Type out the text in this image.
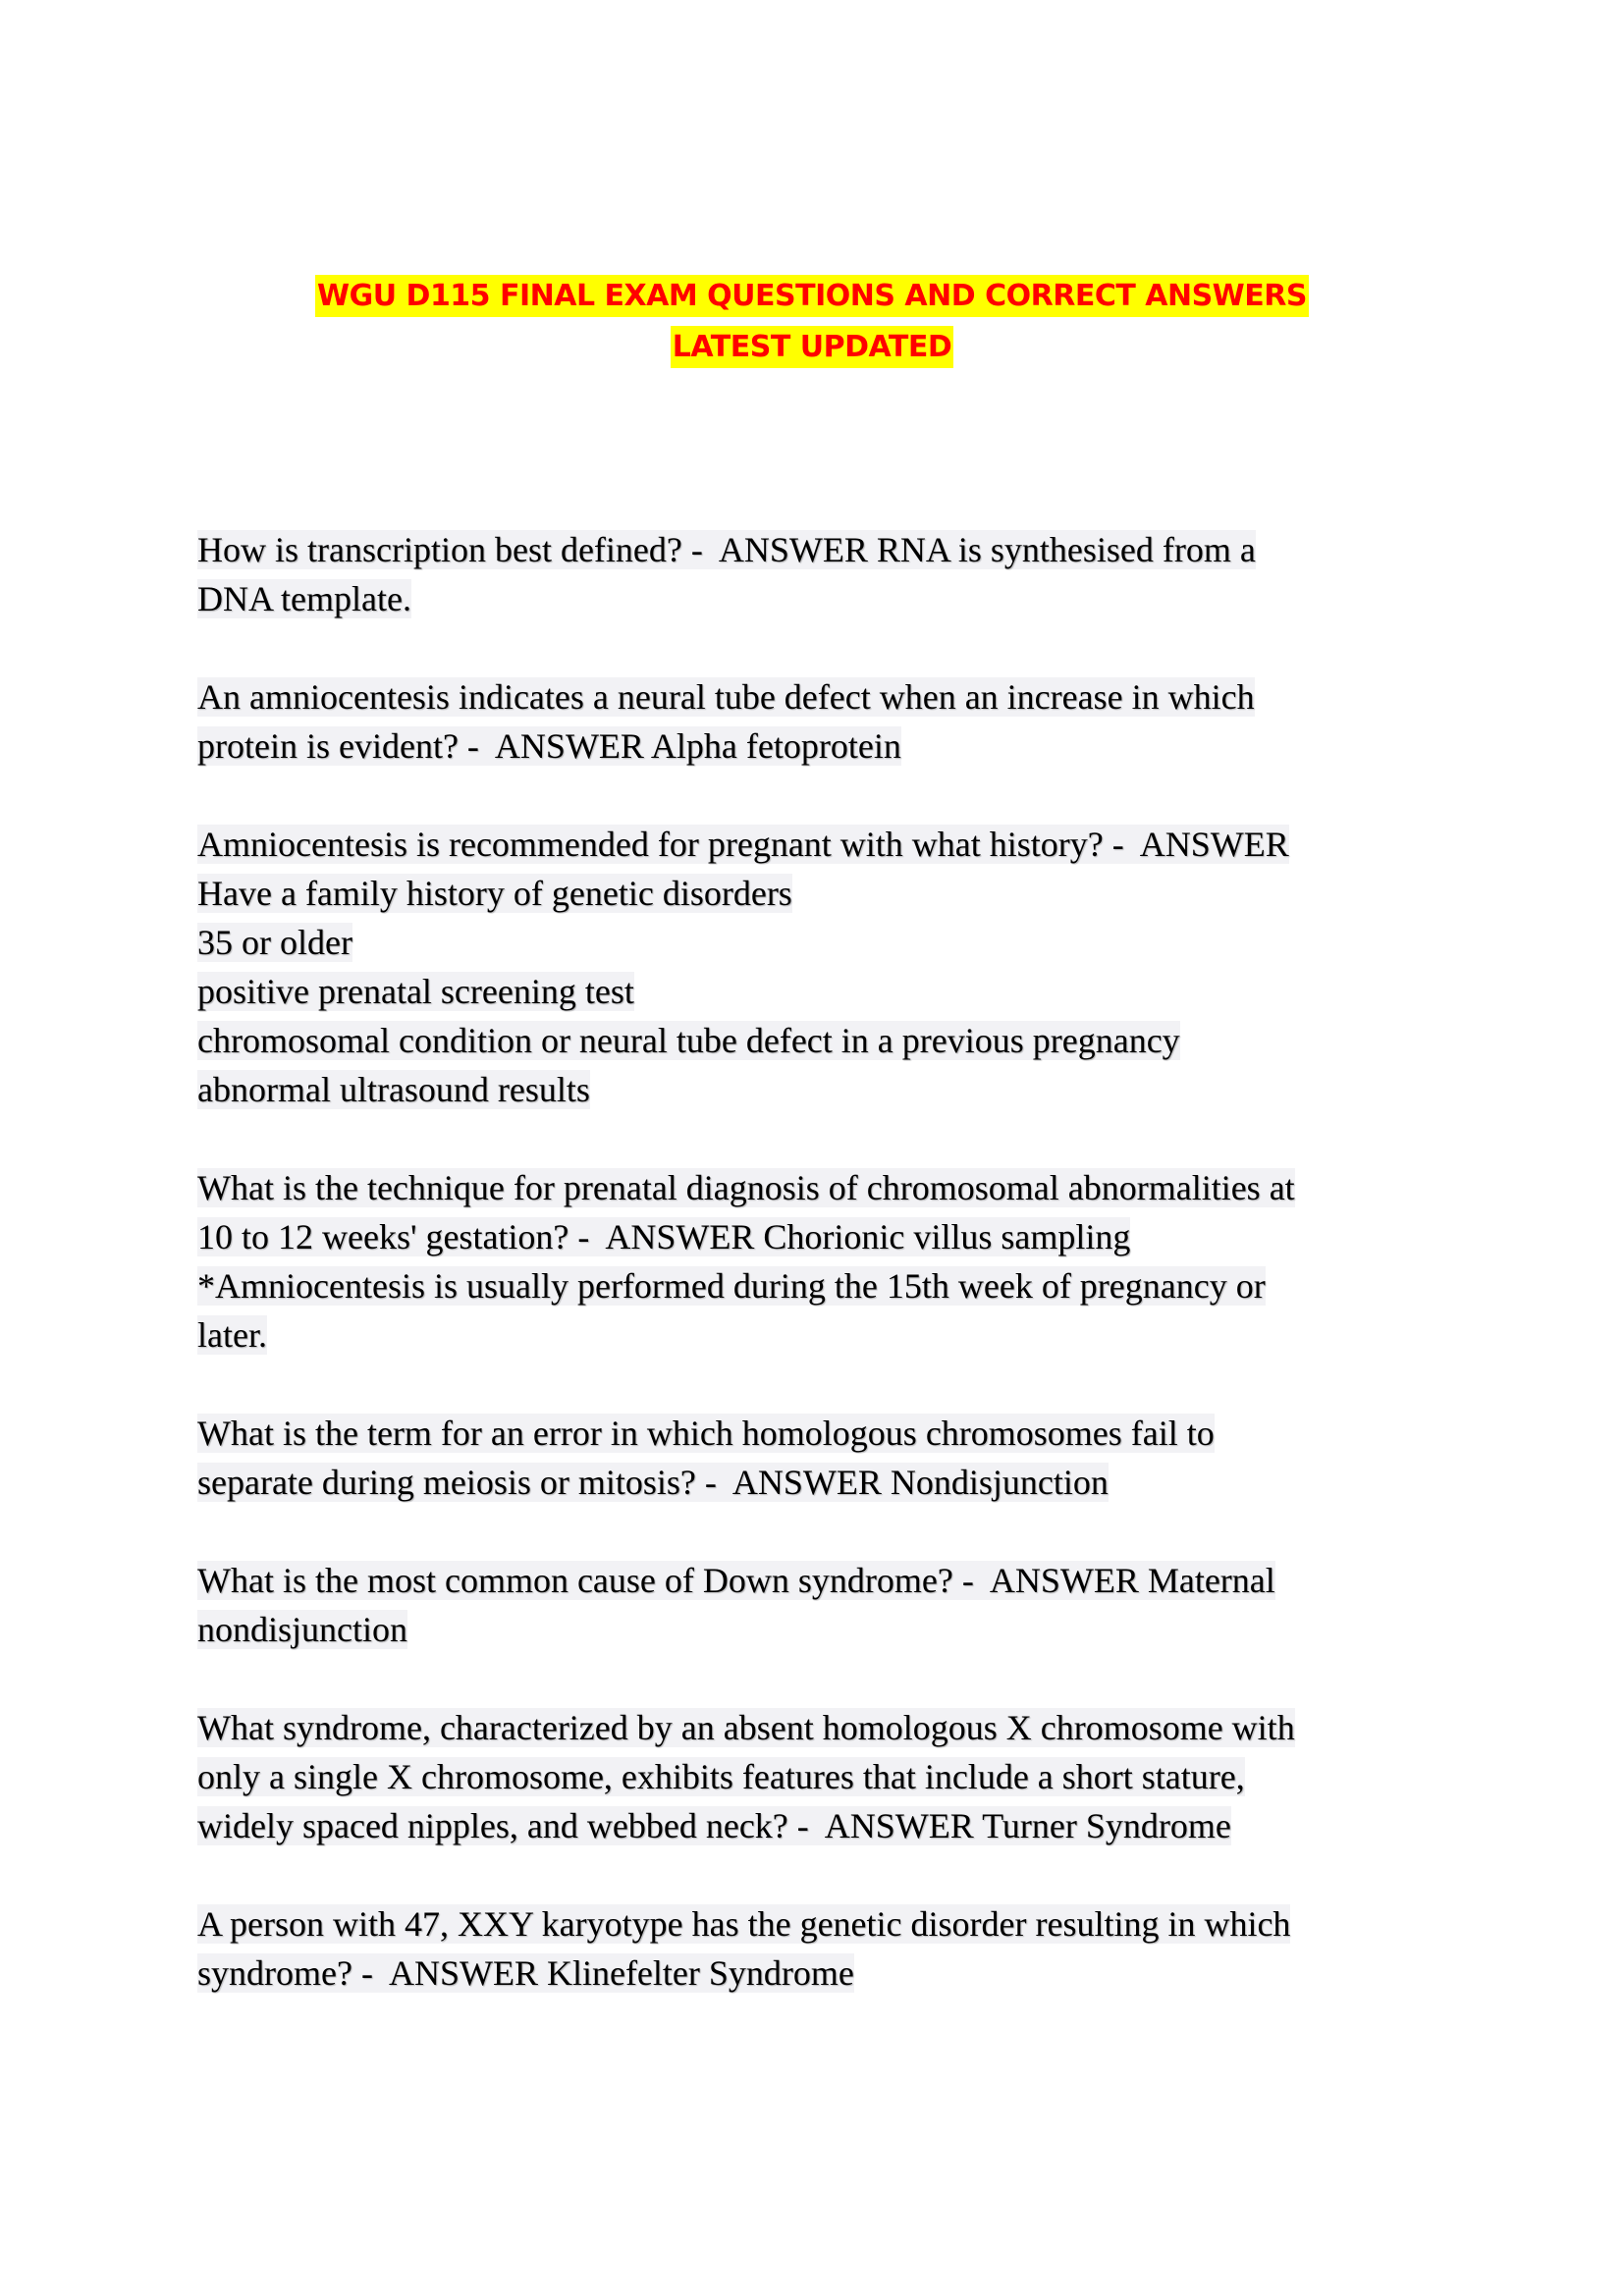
WGU D115 FINAL EXAM QUESTIONS AND CORRECT ANSWERS
LATEST UPDATED
How is transcription best defined? -  ANSWER RNA is synthesised from a
DNA template.
An amniocentesis indicates a neural tube defect when an increase in which
protein is evident? -  ANSWER Alpha fetoprotein
Amniocentesis is recommended for pregnant with what history? -  ANSWER
Have a family history of genetic disorders
35 or older
positive prenatal screening test
chromosomal condition or neural tube defect in a previous pregnancy
abnormal ultrasound results
What is the technique for prenatal diagnosis of chromosomal abnormalities at
10 to 12 weeks' gestation? -  ANSWER Chorionic villus sampling
*Amniocentesis is usually performed during the 15th week of pregnancy or
later.
What is the term for an error in which homologous chromosomes fail to
separate during meiosis or mitosis? -  ANSWER Nondisjunction
What is the most common cause of Down syndrome? -  ANSWER Maternal
nondisjunction
What syndrome, characterized by an absent homologous X chromosome with
only a single X chromosome, exhibits features that include a short stature,
widely spaced nipples, and webbed neck? -  ANSWER Turner Syndrome
A person with 47, XXY karyotype has the genetic disorder resulting in which
syndrome? -  ANSWER Klinefelter Syndrome
